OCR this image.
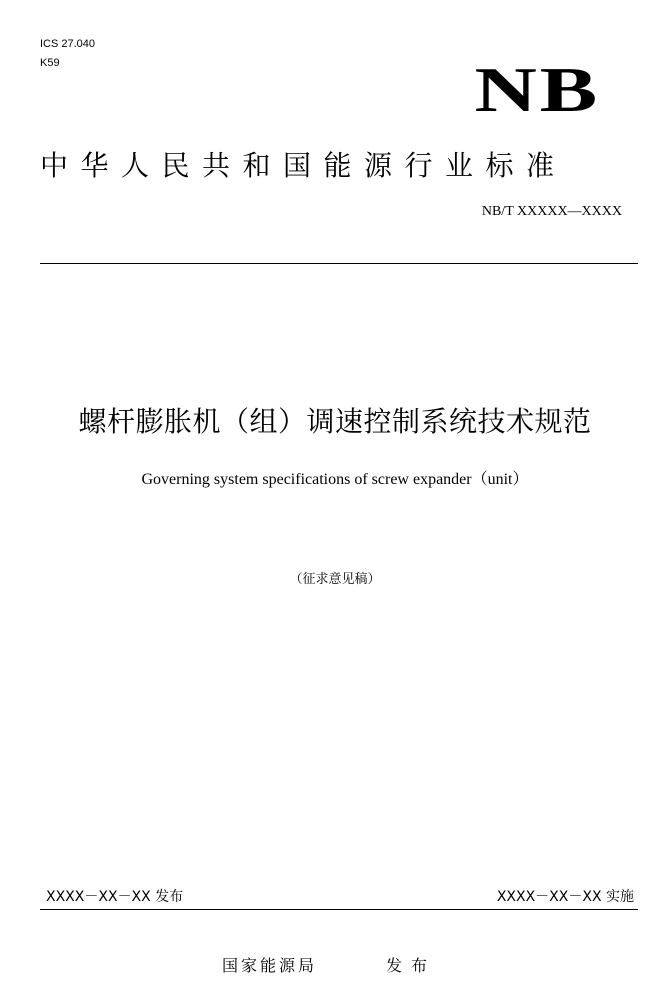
ICS 27.040
K59	NB
中华人民共和国能源行业标准
NB/T XXXXX—XXXX
螺杆膨胀机（组）调速控制系统技术规范
Governing system specifications of screw expander（unit）
（征求意见稿）
XXXX－XX－XX 发布	XXXX－XX－XX 实施
国家能源局	发布
